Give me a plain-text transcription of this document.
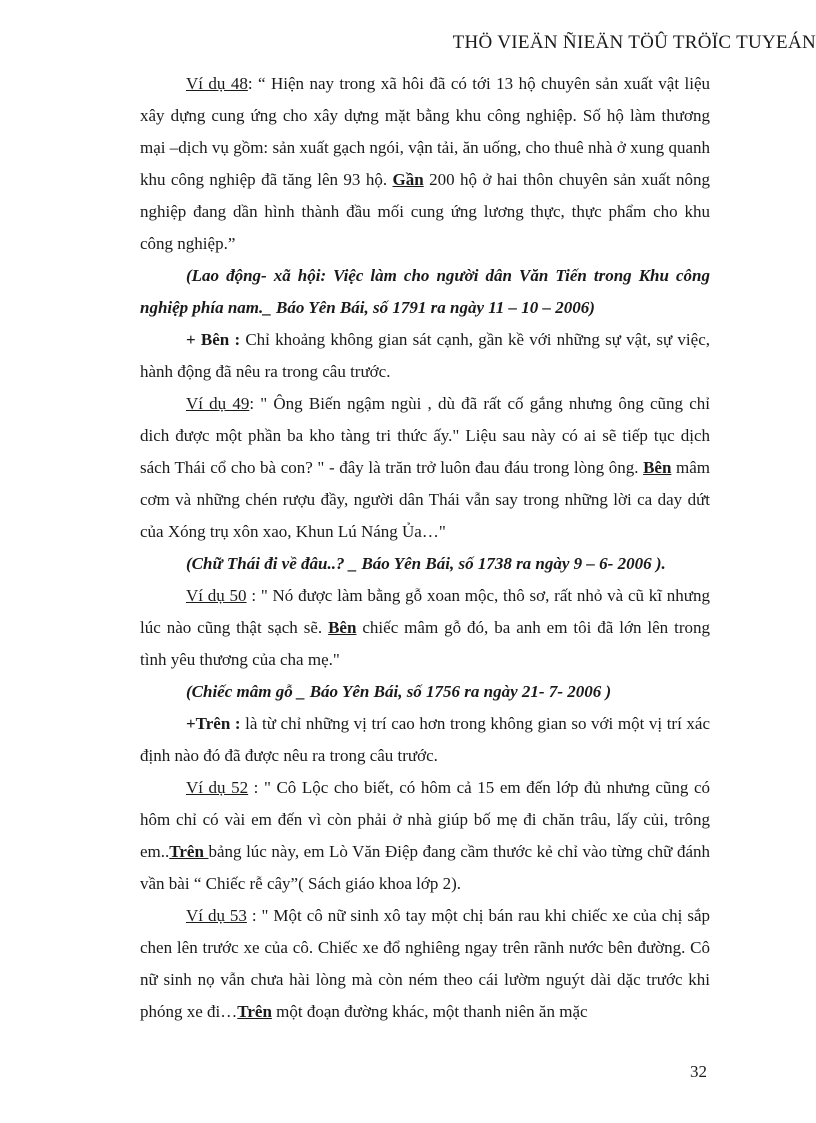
THÖ VIEÄN ÑIEÄN TÖÛ TRÖÏC TUYEÁN

Ví dụ 48: “ Hiện nay trong xã hôi đã có tới 13 hộ chuyên sản xuất vật liệu xây dựng cung ứng cho xây dựng mặt bằng khu công nghiệp. Số hộ làm thương mại –dịch vụ gồm: sản xuất gạch ngói, vận tải, ăn uống, cho thuê nhà ở xung quanh khu công nghiệp đã tăng lên 93 hộ. Gần 200 hộ ở hai thôn chuyên sản xuất nông nghiệp đang dần hình thành đầu mối cung ứng lương thực, thực phẩm cho khu công nghiệp.”

(Lao động- xã hội: Việc làm cho người dân Văn Tiến trong Khu công nghiệp phía nam._ Báo Yên Bái, số 1791 ra ngày 11 – 10 – 2006)

+ Bên : Chỉ khoảng không gian sát cạnh, gần kề với những sự vật, sự việc, hành động đã nêu ra trong câu trước.

Ví dụ 49: " Ông Biến ngậm ngùi , dù đã rất cố gắng nhưng ông cũng chỉ dich được một phần ba kho tàng tri thức ấy." Liệu sau này có ai sẽ tiếp tục dịch sách Thái cổ cho bà con? " - đây là trăn trở luôn đau đáu trong lòng ông. Bên mâm cơm và những chén rượu đầy, người dân Thái vẫn say trong những lời ca day dứt của Xóng trụ xôn xao, Khun Lú Náng Ủa…"

(Chữ Thái đi về đâu..? _ Báo Yên Bái, số 1738 ra ngày 9 – 6- 2006 ).

Ví dụ 50 : " Nó được làm bằng gỗ xoan mộc, thô sơ, rất nhỏ và cũ kĩ nhưng lúc nào cũng thật sạch sẽ. Bên chiếc mâm gỗ đó, ba anh em tôi đã lớn lên trong tình yêu thương của cha mẹ."

(Chiếc mâm gỗ _ Báo Yên Bái, số 1756 ra ngày 21- 7- 2006 )

+Trên : là từ chỉ những vị trí cao hơn trong không gian so với một vị trí xác định nào đó đã được nêu ra trong câu trước.

Ví dụ 52 : " Cô Lộc cho biết, có hôm cả 15 em đến lớp đủ nhưng cũng có hôm chỉ có vài em đến vì còn phải ở nhà giúp bố mẹ đi chăn trâu, lấy củi, trông em..Trên bảng lúc này, em Lò Văn Điệp đang cầm thước kẻ chỉ vào từng chữ đánh vần bài “ Chiếc rễ cây”( Sách giáo khoa lớp 2).

Ví dụ 53 : " Một cô nữ sinh xô tay một chị bán rau khi chiếc xe của chị sắp chen lên trước xe của cô. Chiếc xe đổ nghiêng ngay trên rãnh nước bên đường. Cô nữ sinh nọ vẫn chưa hài lòng mà còn ném theo cái lườm nguýt dài dặc trước khi phóng xe đi…Trên một đoạn đường khác, một thanh niên ăn mặc

32
